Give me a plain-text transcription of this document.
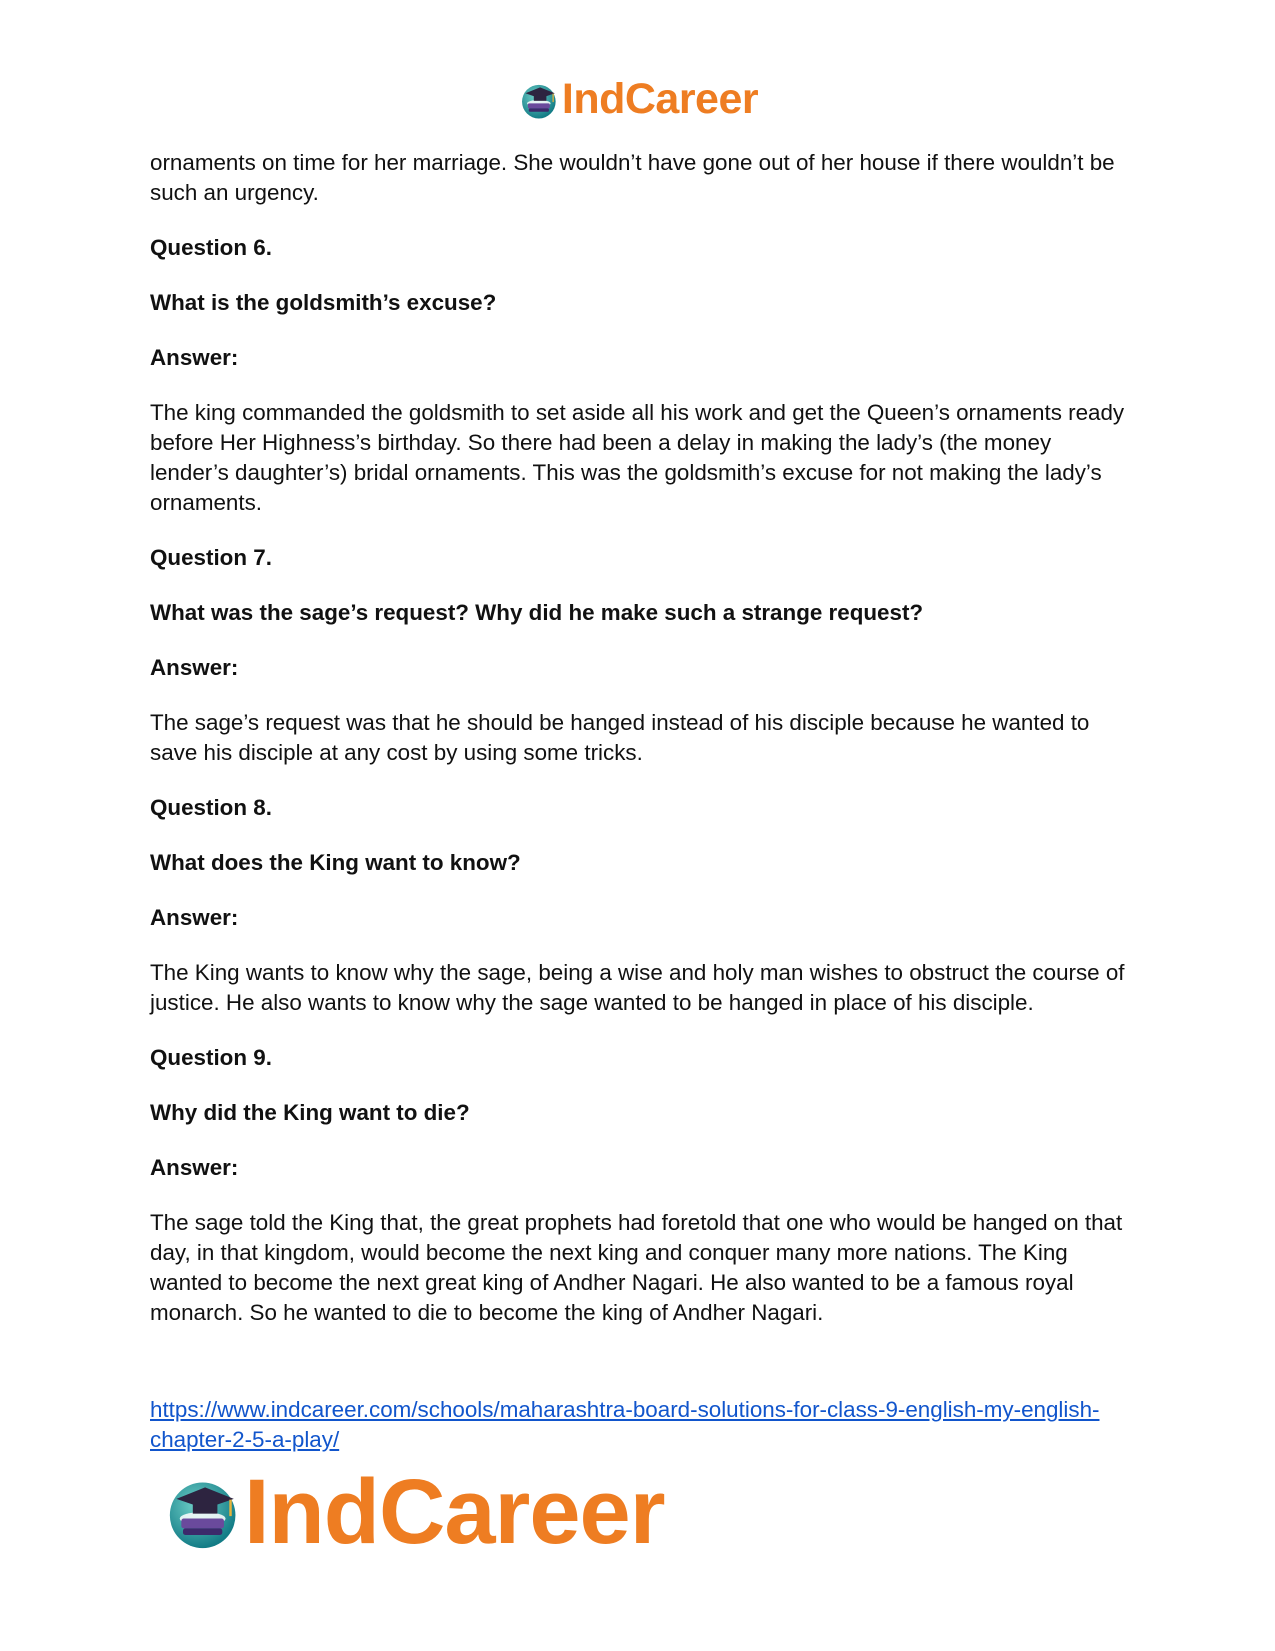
IndCareer

ornaments on time for her marriage. She wouldn’t have gone out of her house if there wouldn’t be such an urgency.

Question 6.

What is the goldsmith’s excuse?

Answer:

The king commanded the goldsmith to set aside all his work and get the Queen’s ornaments ready before Her Highness’s birthday. So there had been a delay in making the lady’s (the money lender’s daughter’s) bridal ornaments. This was the goldsmith’s excuse for not making the lady’s ornaments.

Question 7.

What was the sage’s request? Why did he make such a strange request?

Answer:

The sage’s request was that he should be hanged instead of his disciple because he wanted to save his disciple at any cost by using some tricks.

Question 8.

What does the King want to know?

Answer:

The King wants to know why the sage, being a wise and holy man wishes to obstruct the course of justice. He also wants to know why the sage wanted to be hanged in place of his disciple.

Question 9.

Why did the King want to die?

Answer:

The sage told the King that, the great prophets had foretold that one who would be hanged on that day, in that kingdom, would become the next king and conquer many more nations. The King wanted to become the next great king of Andher Nagari. He also wanted to be a famous royal monarch. So he wanted to die to become the king of Andher Nagari.

https://www.indcareer.com/schools/maharashtra-board-solutions-for-class-9-english-my-english-chapter-2-5-a-play/
IndCareer
